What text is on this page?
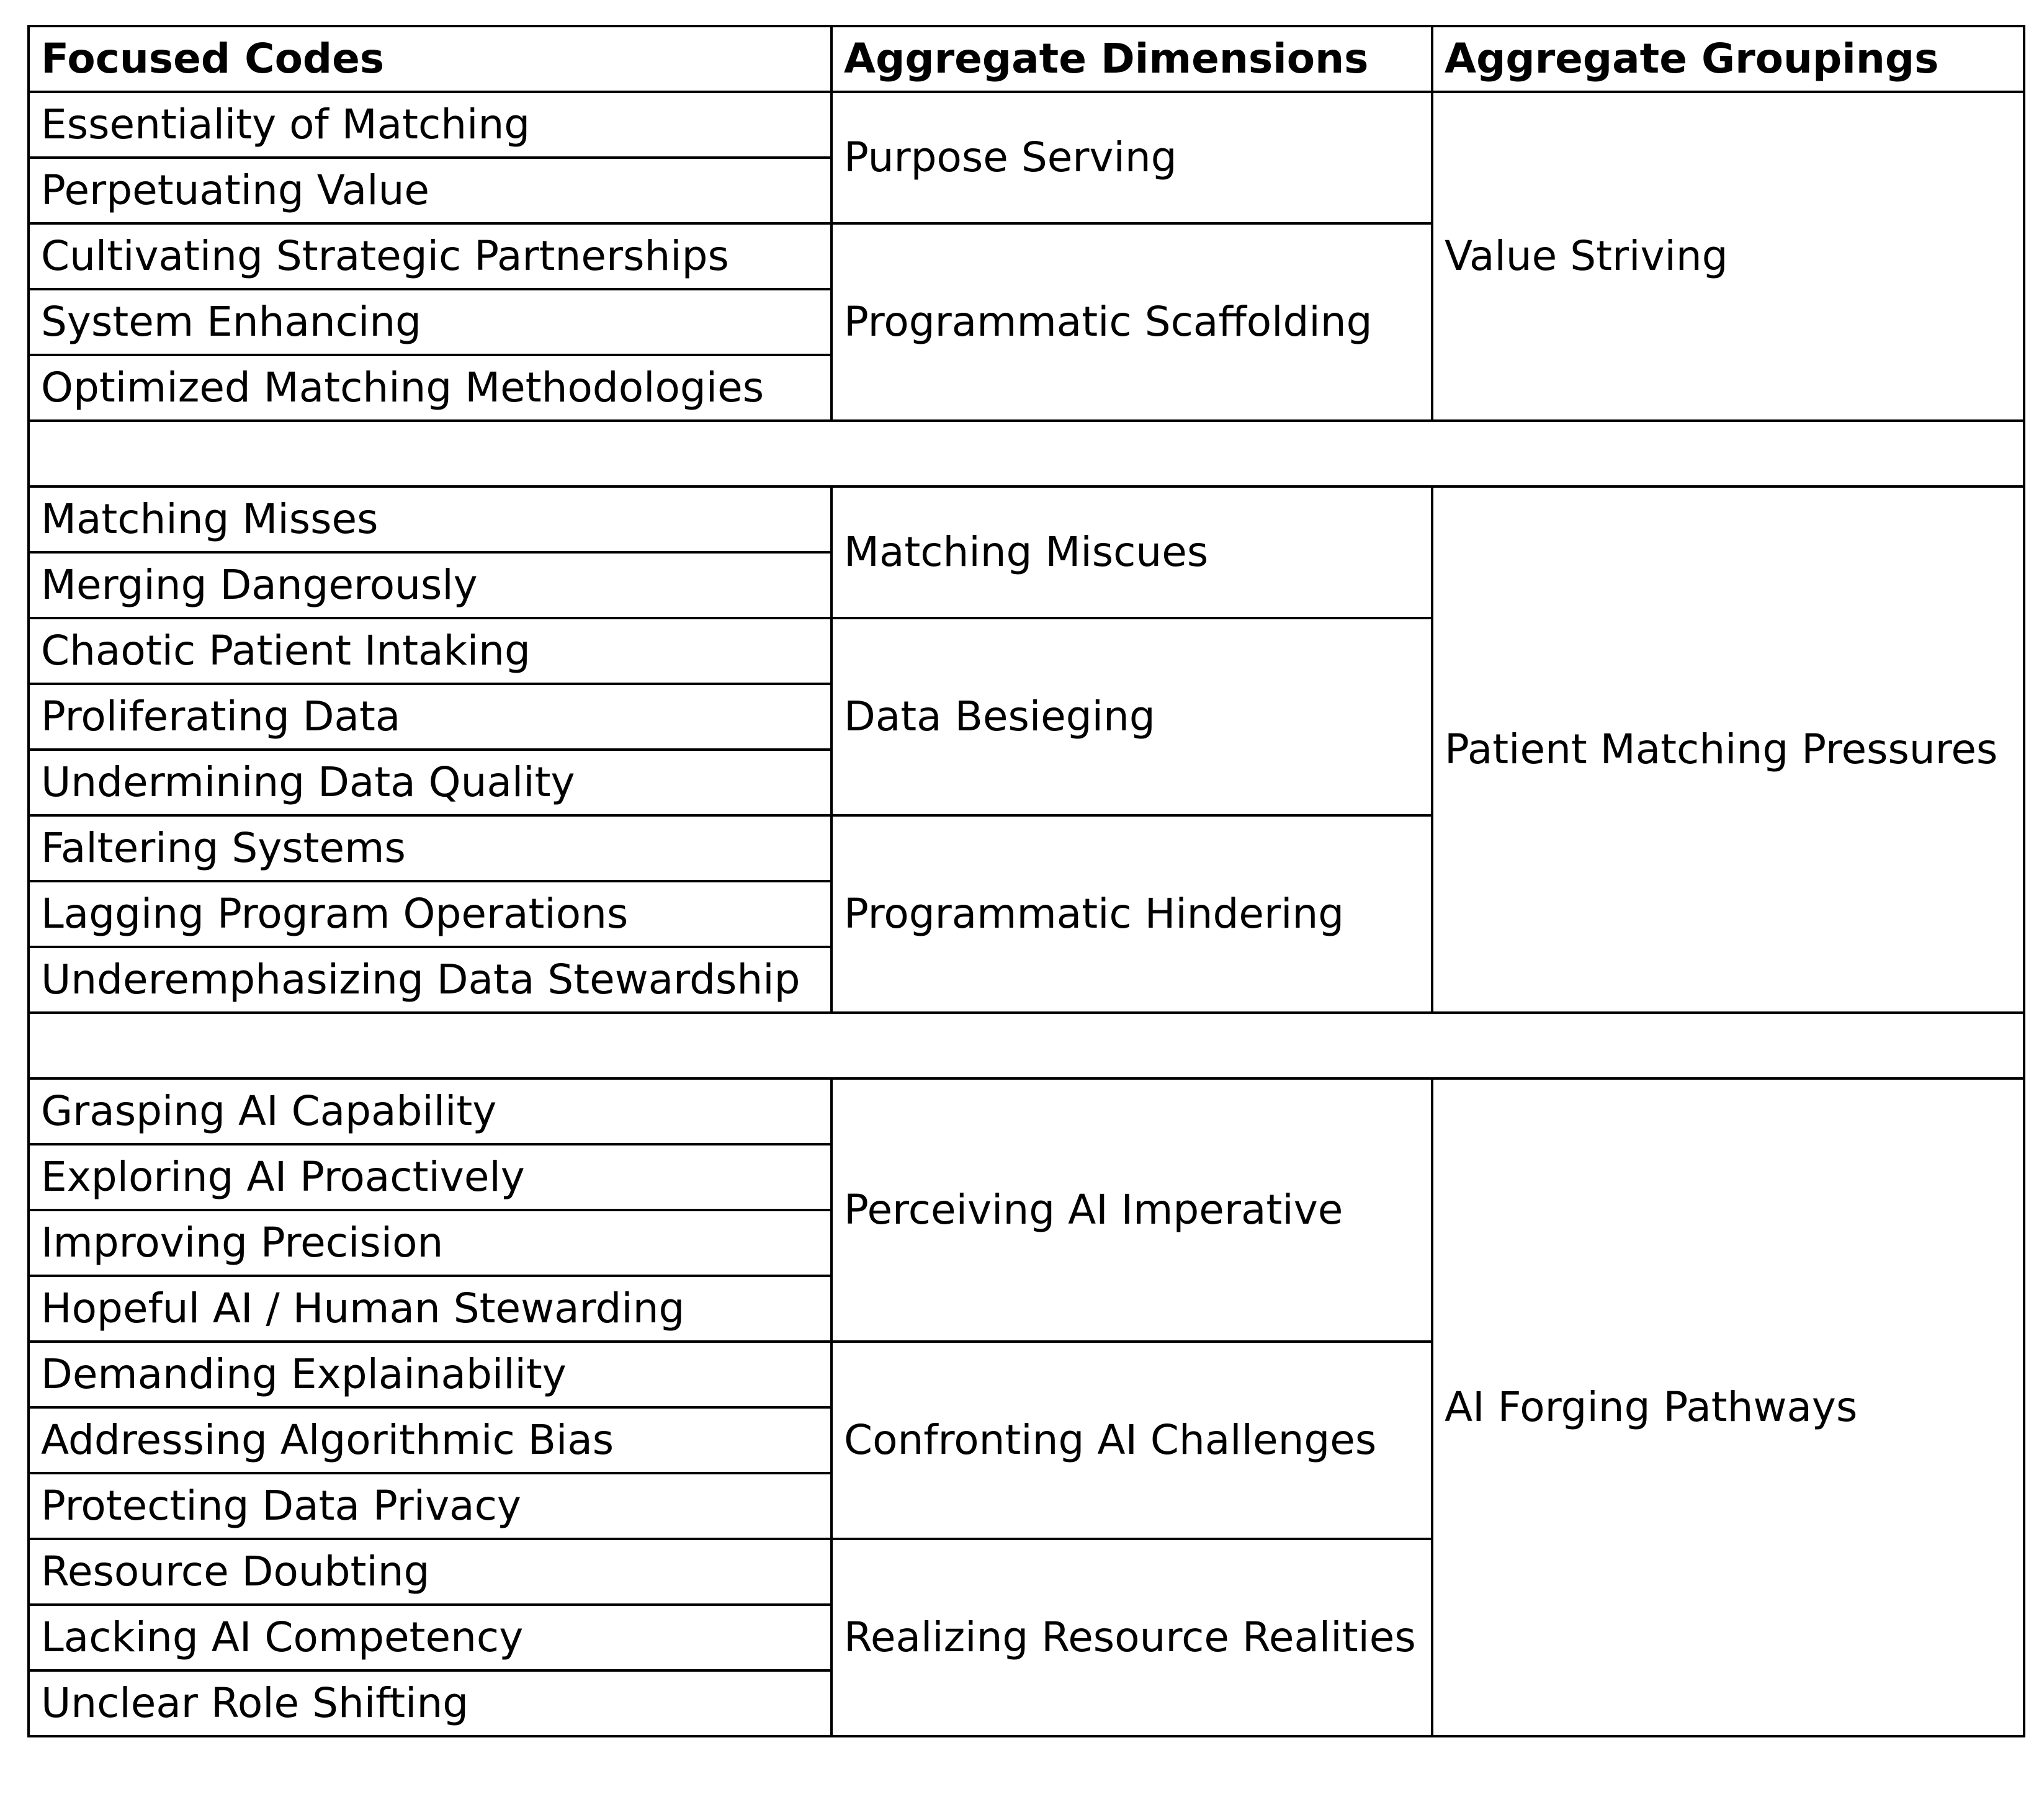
Focused Codes	Aggregate Dimensions	Aggregate Groupings
Essentiality of Matching	Purpose Serving	Value Striving
Perpetuating Value		
Cultivating Strategic Partnerships	Programmatic Scaffolding	
System Enhancing		
Optimized Matching Methodologies		

Matching Misses	Matching Miscues	Patient Matching Pressures
Merging Dangerously		
Chaotic Patient Intaking	Data Besieging	
Proliferating Data		
Undermining Data Quality		
Faltering Systems	Programmatic Hindering	
Lagging Program Operations		
Underemphasizing Data Stewardship		

Grasping AI Capability	Perceiving AI Imperative	AI Forging Pathways
Exploring AI Proactively		
Improving Precision		
Hopeful AI / Human Stewarding		
Demanding Explainability	Confronting AI Challenges	
Addressing Algorithmic Bias		
Protecting Data Privacy		
Resource Doubting	Realizing Resource Realities	
Lacking AI Competency		
Unclear Role Shifting		
